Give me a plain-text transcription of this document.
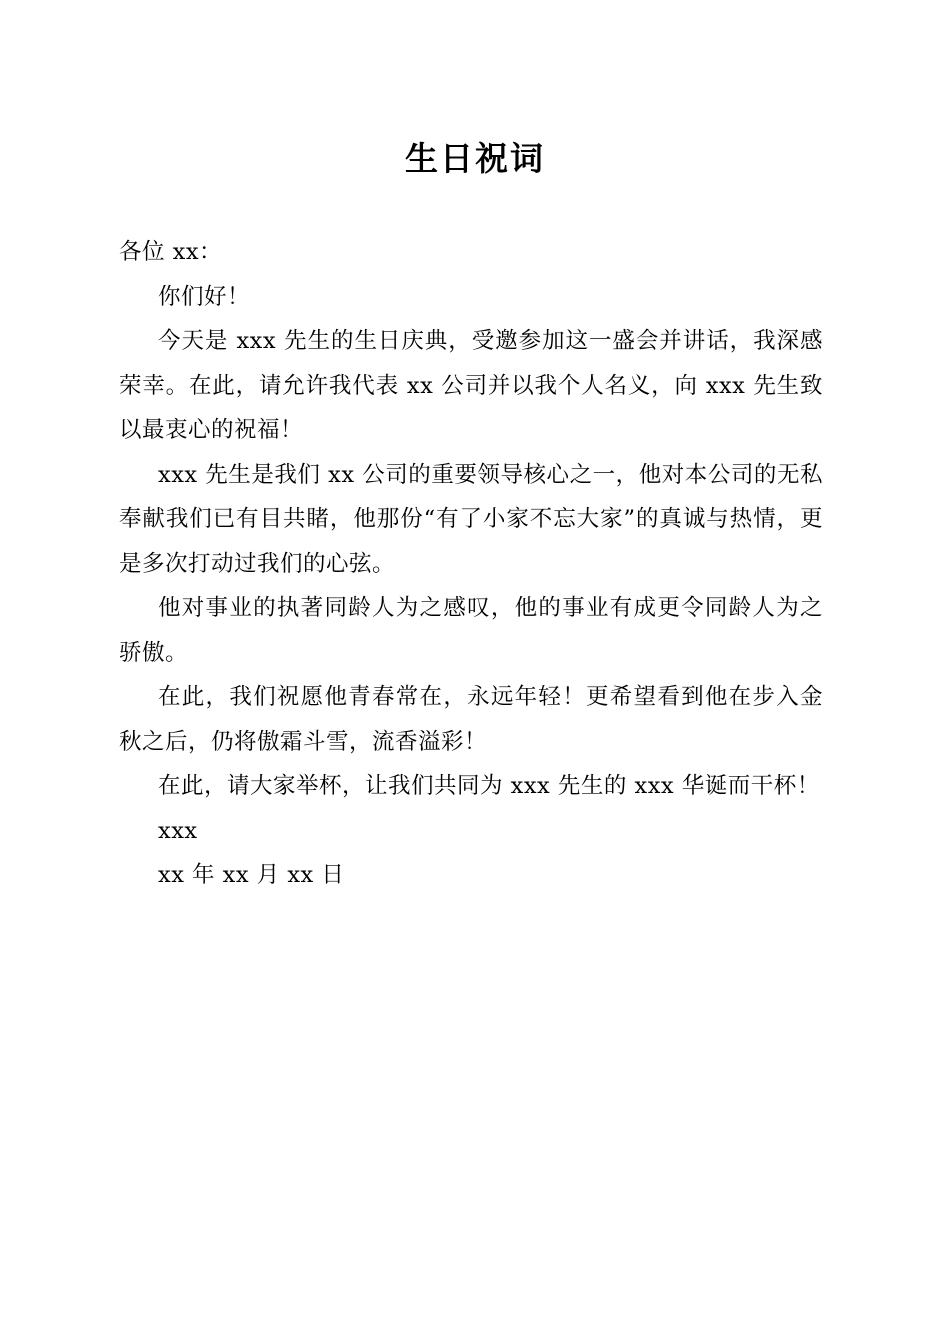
生日祝词

各位 xx：

你们好！

今天是 xxx 先生的生日庆典，受邀参加这一盛会并讲话，我深感荣幸。在此，请允许我代表 xx 公司并以我个人名义，向 xxx 先生致以最衷心的祝福！

xxx 先生是我们 xx 公司的重要领导核心之一，他对本公司的无私奉献我们已有目共睹，他那份“有了小家不忘大家”的真诚与热情，更是多次打动过我们的心弦。

他对事业的执著同龄人为之感叹，他的事业有成更令同龄人为之骄傲。

在此，我们祝愿他青春常在，永远年轻！更希望看到他在步入金秋之后，仍将傲霜斗雪，流香溢彩！

在此，请大家举杯，让我们共同为 xxx 先生的 xxx 华诞而干杯！

xxx

xx 年 xx 月 xx 日
